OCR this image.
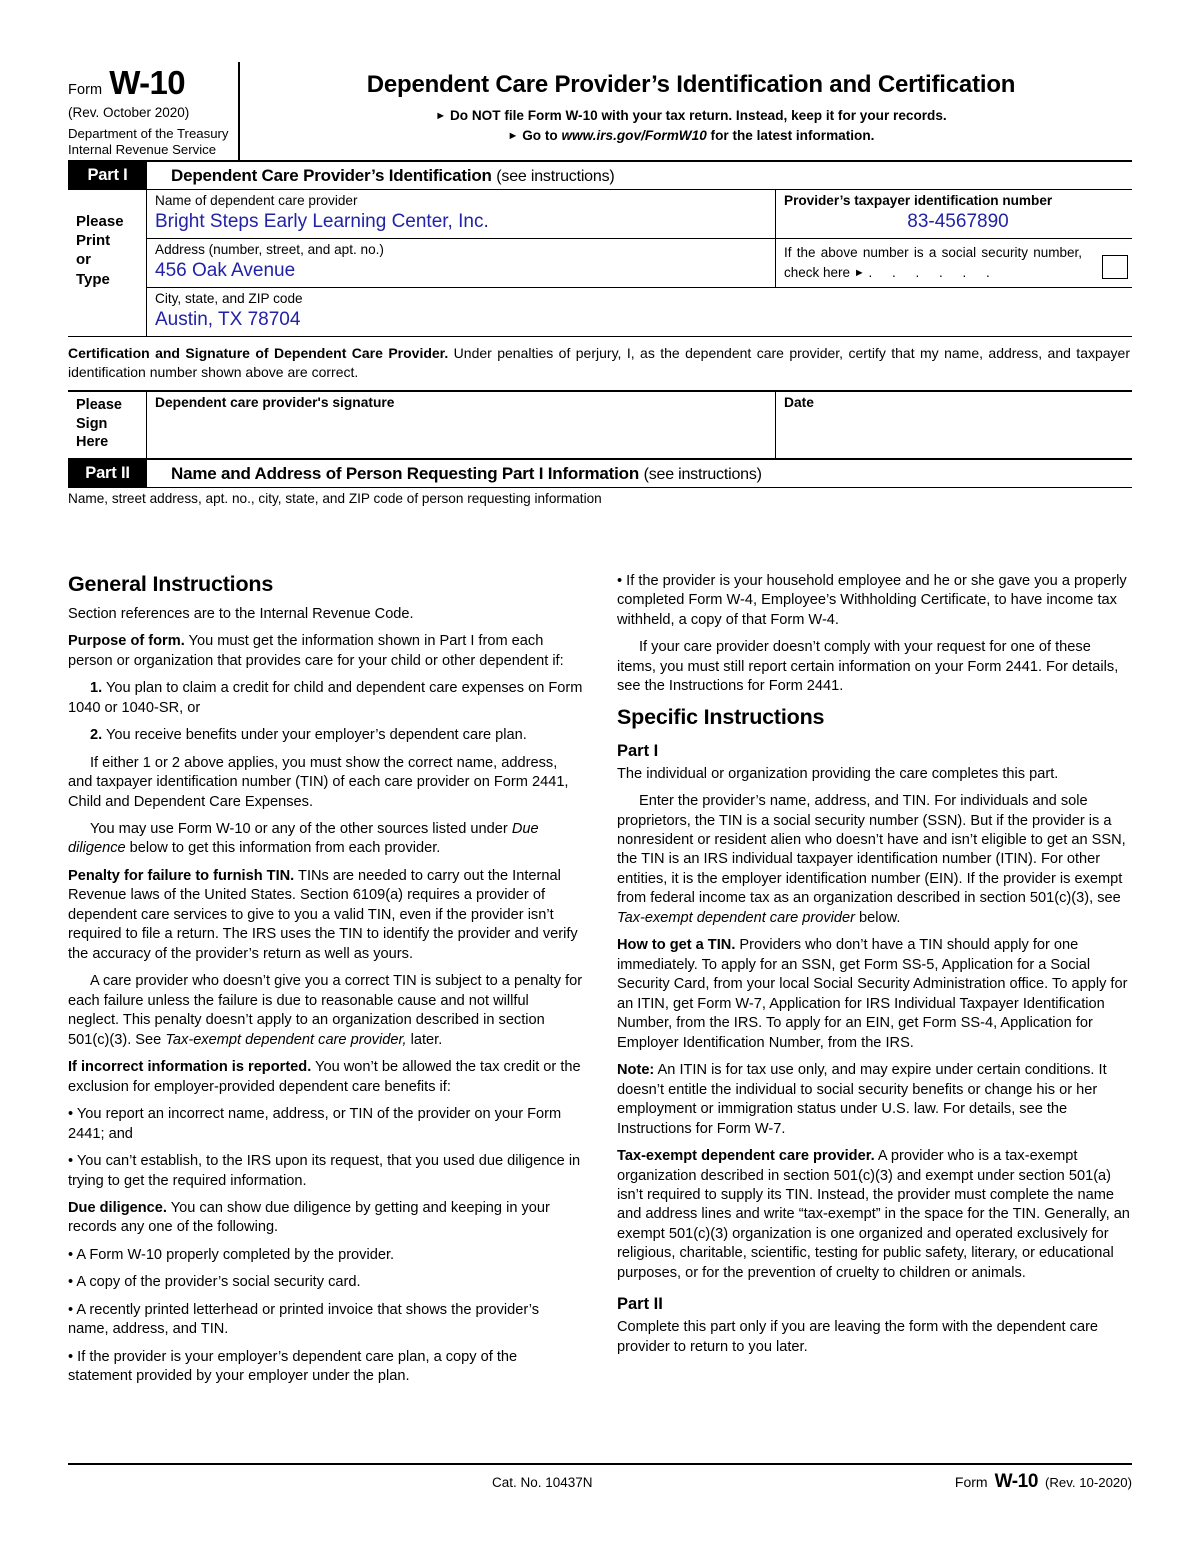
Form W-10
(Rev. October 2020)
Department of the Treasury
Internal Revenue Service
Dependent Care Provider’s Identification and Certification
► Do NOT file Form W-10 with your tax return. Instead, keep it for your records.
► Go to www.irs.gov/FormW10 for the latest information.
Part I	Dependent Care Provider’s Identification (see instructions)
Please
Print
or
Type
Name of dependent care provider
Bright Steps Early Learning Center, Inc.
Provider’s taxpayer identification number
83-4567890
Address (number, street, and apt. no.)
456 Oak Avenue
If the above number is a social security number, check here ► . . . . . .
City, state, and ZIP code
Austin, TX 78704
Certification and Signature of Dependent Care Provider. Under penalties of perjury, I, as the dependent care provider, certify that my name, address, and taxpayer identification number shown above are correct.
Please
Sign
Here
Dependent care provider's signature	Date
Part II	Name and Address of Person Requesting Part I Information (see instructions)
Name, street address, apt. no., city, state, and ZIP code of person requesting information
General Instructions

Section references are to the Internal Revenue Code.

Purpose of form. You must get the information shown in Part I from each person or organization that provides care for your child or other dependent if:

1. You plan to claim a credit for child and dependent care expenses on Form 1040 or 1040-SR, or

2. You receive benefits under your employer’s dependent care plan.

If either 1 or 2 above applies, you must show the correct name, address, and taxpayer identification number (TIN) of each care provider on Form 2441, Child and Dependent Care Expenses.

You may use Form W-10 or any of the other sources listed under Due diligence below to get this information from each provider.

Penalty for failure to furnish TIN. TINs are needed to carry out the Internal Revenue laws of the United States. Section 6109(a) requires a provider of dependent care services to give to you a valid TIN, even if the provider isn’t required to file a return. The IRS uses the TIN to identify the provider and verify the accuracy of the provider’s return as well as yours.

A care provider who doesn’t give you a correct TIN is subject to a penalty for each failure unless the failure is due to reasonable cause and not willful neglect. This penalty doesn’t apply to an organization described in section 501(c)(3). See Tax-exempt dependent care provider, later.

If incorrect information is reported. You won’t be allowed the tax credit or the exclusion for employer-provided dependent care benefits if:

• You report an incorrect name, address, or TIN of the provider on your Form 2441; and

• You can’t establish, to the IRS upon its request, that you used due diligence in trying to get the required information.

Due diligence. You can show due diligence by getting and keeping in your records any one of the following.

• A Form W-10 properly completed by the provider.

• A copy of the provider’s social security card.

• A recently printed letterhead or printed invoice that shows the provider’s name, address, and TIN.

• If the provider is your employer’s dependent care plan, a copy of the statement provided by your employer under the plan.

• If the provider is your household employee and he or she gave you a properly completed Form W-4, Employee’s Withholding Certificate, to have income tax withheld, a copy of that Form W-4.

If your care provider doesn’t comply with your request for one of these items, you must still report certain information on your Form 2441. For details, see the Instructions for Form 2441.

Specific Instructions
Part I

The individual or organization providing the care completes this part.

Enter the provider’s name, address, and TIN. For individuals and sole proprietors, the TIN is a social security number (SSN). But if the provider is a nonresident or resident alien who doesn’t have and isn’t eligible to get an SSN, the TIN is an IRS individual taxpayer identification number (ITIN). For other entities, it is the employer identification number (EIN). If the provider is exempt from federal income tax as an organization described in section 501(c)(3), see Tax-exempt dependent care provider below.

How to get a TIN. Providers who don’t have a TIN should apply for one immediately. To apply for an SSN, get Form SS-5, Application for a Social Security Card, from your local Social Security Administration office. To apply for an ITIN, get Form W-7, Application for IRS Individual Taxpayer Identification Number, from the IRS. To apply for an EIN, get Form SS-4, Application for Employer Identification Number, from the IRS.

Note: An ITIN is for tax use only, and may expire under certain conditions. It doesn’t entitle the individual to social security benefits or change his or her employment or immigration status under U.S. law. For details, see the Instructions for Form W-7.

Tax-exempt dependent care provider. A provider who is a tax-exempt organization described in section 501(c)(3) and exempt under section 501(a) isn’t required to supply its TIN. Instead, the provider must complete the name and address lines and write “tax-exempt” in the space for the TIN. Generally, an exempt 501(c)(3) organization is one organized and operated exclusively for religious, charitable, scientific, testing for public safety, literary, or educational purposes, or for the prevention of cruelty to children or animals.

Part II

Complete this part only if you are leaving the form with the dependent care provider to return to you later.

Cat. No. 10437N	Form W-10 (Rev. 10-2020)
